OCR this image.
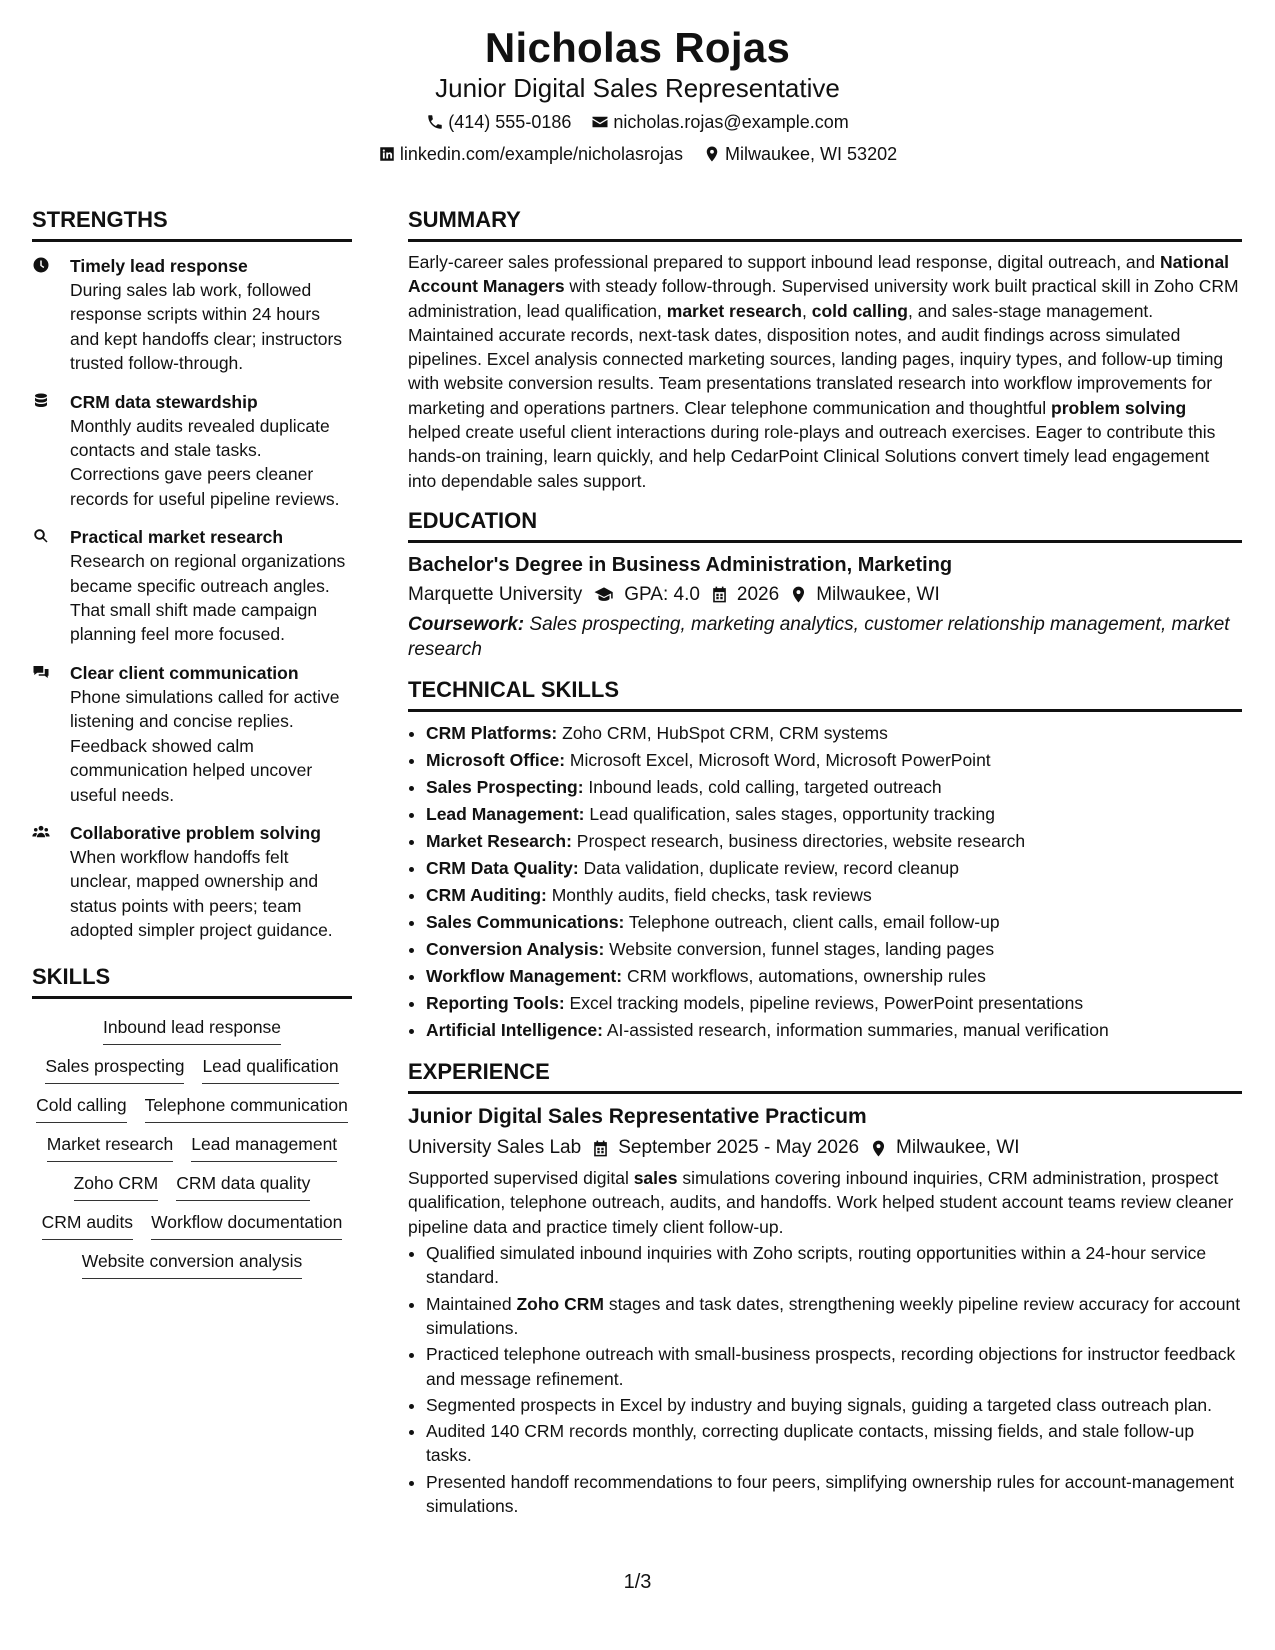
Nicholas Rojas
Junior Digital Sales Representative
(414) 555-0186 nicholas.rojas@example.com
linkedin.com/example/nicholasrojas Milwaukee, WI 53202
STRENGTHS
Timely lead response
During sales lab work, followed response scripts within 24 hours and kept handoffs clear; instructors trusted follow-through.
CRM data stewardship
Monthly audits revealed duplicate contacts and stale tasks. Corrections gave peers cleaner records for useful pipeline reviews.
Practical market research
Research on regional organizations became specific outreach angles. That small shift made campaign planning feel more focused.
Clear client communication
Phone simulations called for active listening and concise replies. Feedback showed calm communication helped uncover useful needs.
Collaborative problem solving
When workflow handoffs felt unclear, mapped ownership and status points with peers; team adopted simpler project guidance.
SKILLS
Inbound lead response
Sales prospecting Lead qualification
Cold calling Telephone communication
Market research Lead management
Zoho CRM CRM data quality
CRM audits Workflow documentation
Website conversion analysis
SUMMARY

Early-career sales professional prepared to support inbound lead response, digital outreach, and National Account Managers with steady follow-through. Supervised university work built practical skill in Zoho CRM administration, lead qualification, market research, cold calling, and sales-stage management. Maintained accurate records, next-task dates, disposition notes, and audit findings across simulated pipelines. Excel analysis connected marketing sources, landing pages, inquiry types, and follow-up timing with website conversion results. Team presentations translated research into workflow improvements for marketing and operations partners. Clear telephone communication and thoughtful problem solving helped create useful client interactions during role-plays and outreach exercises. Eager to contribute this hands-on training, learn quickly, and help CedarPoint Clinical Solutions convert timely lead engagement into dependable sales support.

EDUCATION
Bachelor's Degree in Business Administration, Marketing
Marquette University GPA: 4.0 2026 Milwaukee, WI
Coursework: Sales prospecting, marketing analytics, customer relationship management, market research
TECHNICAL SKILLS
• CRM Platforms: Zoho CRM, HubSpot CRM, CRM systems
• Microsoft Office: Microsoft Excel, Microsoft Word, Microsoft PowerPoint
• Sales Prospecting: Inbound leads, cold calling, targeted outreach
• Lead Management: Lead qualification, sales stages, opportunity tracking
• Market Research: Prospect research, business directories, website research
• CRM Data Quality: Data validation, duplicate review, record cleanup
• CRM Auditing: Monthly audits, field checks, task reviews
• Sales Communications: Telephone outreach, client calls, email follow-up
• Conversion Analysis: Website conversion, funnel stages, landing pages
• Workflow Management: CRM workflows, automations, ownership rules
• Reporting Tools: Excel tracking models, pipeline reviews, PowerPoint presentations
• Artificial Intelligence: AI-assisted research, information summaries, manual verification
EXPERIENCE
Junior Digital Sales Representative Practicum
University Sales Lab September 2025 - May 2026 Milwaukee, WI

Supported supervised digital sales simulations covering inbound inquiries, CRM administration, prospect qualification, telephone outreach, audits, and handoffs. Work helped student account teams review cleaner pipeline data and practice timely client follow-up.

• Qualified simulated inbound inquiries with Zoho scripts, routing opportunities within a 24-hour service standard.
• Maintained Zoho CRM stages and task dates, strengthening weekly pipeline review accuracy for account simulations.
• Practiced telephone outreach with small-business prospects, recording objections for instructor feedback and message refinement.
• Segmented prospects in Excel by industry and buying signals, guiding a targeted class outreach plan.
• Audited 140 CRM records monthly, correcting duplicate contacts, missing fields, and stale follow-up tasks.
• Presented handoff recommendations to four peers, simplifying ownership rules for account-management simulations.
1/3
